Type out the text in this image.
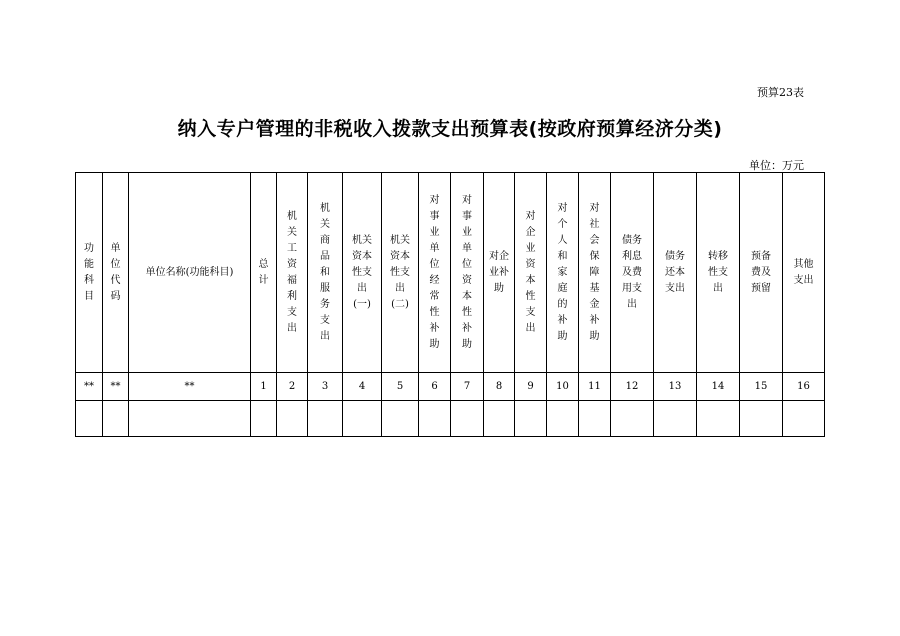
预算23表
纳入专户管理的非税收入拨款支出预算表(按政府预算经济分类)
单位：万元
功能科目	单位代码	单位名称(功能科目)	总计	机关工资福利支出	机关商品和服务支出	机关资本性支出(一)	机关资本性支出(二)	对事业单位经常性补助	对事业单位资本性补助	对企业补助	对企业资本性支出	对个人和家庭的补助	对社会保障基金补助	债务利息及费用支出	债务还本支出	转移性支出	预备费及预留	其他支出
**	**	**	1	2	3	4	5	6	7	8	9	10	11	12	13	14	15	16
